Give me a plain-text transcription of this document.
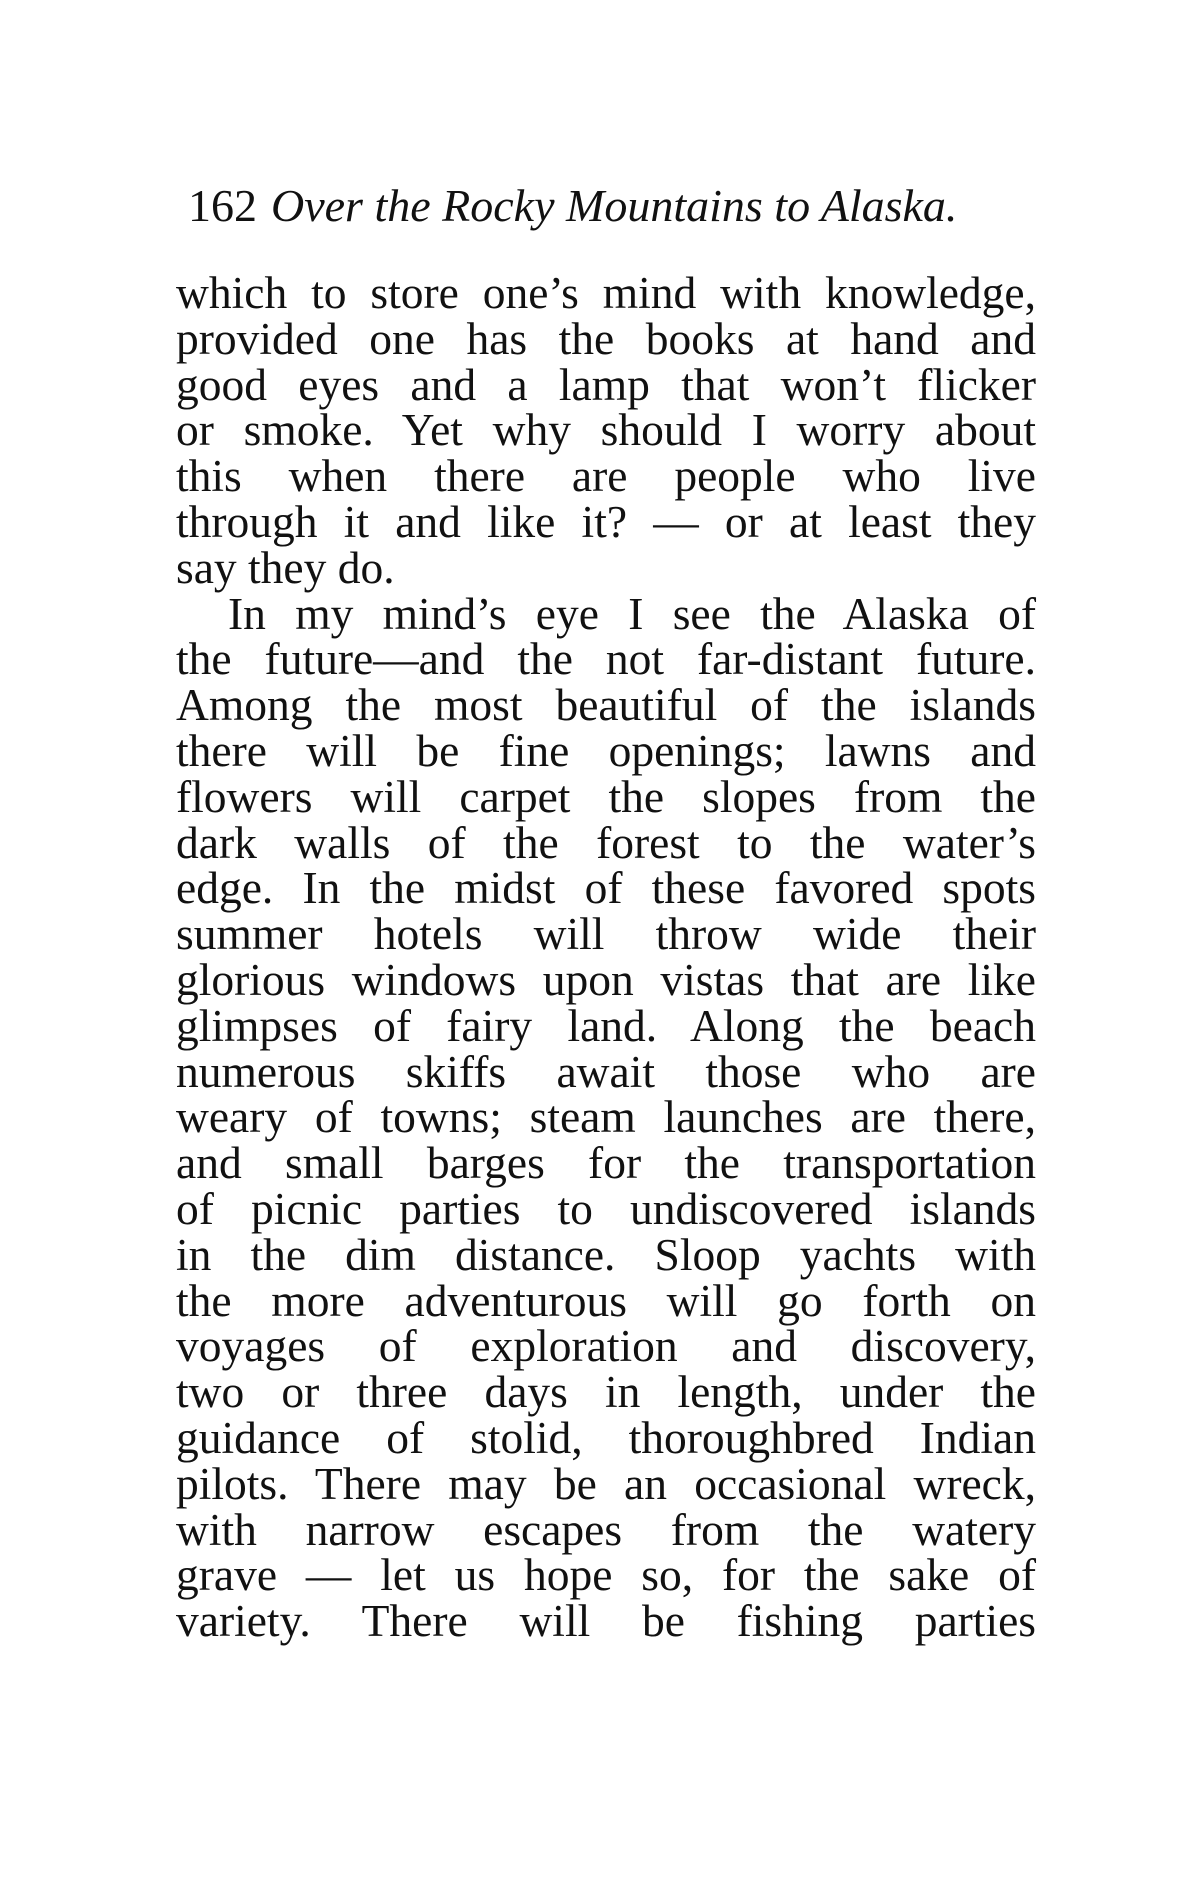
162 Over the Rocky Mountains to Alaska.
which to store one’s mind with knowledge,
provided one has the books at hand and
good eyes and a lamp that won’t flicker
or smoke. Yet why should I worry about
this when there are people who live
through it and like it? — or at least they
say they do.
In my mind’s eye I see the Alaska of
the future—and the not far-distant future.
Among the most beautiful of the islands
there will be fine openings; lawns and
flowers will carpet the slopes from the
dark walls of the forest to the water’s
edge. In the midst of these favored spots
summer hotels will throw wide their
glorious windows upon vistas that are like
glimpses of fairy land. Along the beach
numerous skiffs await those who are
weary of towns; steam launches are there,
and small barges for the transportation
of picnic parties to undiscovered islands
in the dim distance. Sloop yachts with
the more adventurous will go forth on
voyages of exploration and discovery,
two or three days in length, under the
guidance of stolid, thoroughbred Indian
pilots. There may be an occasional wreck,
with narrow escapes from the watery
grave — let us hope so, for the sake of
variety. There will be fishing parties
